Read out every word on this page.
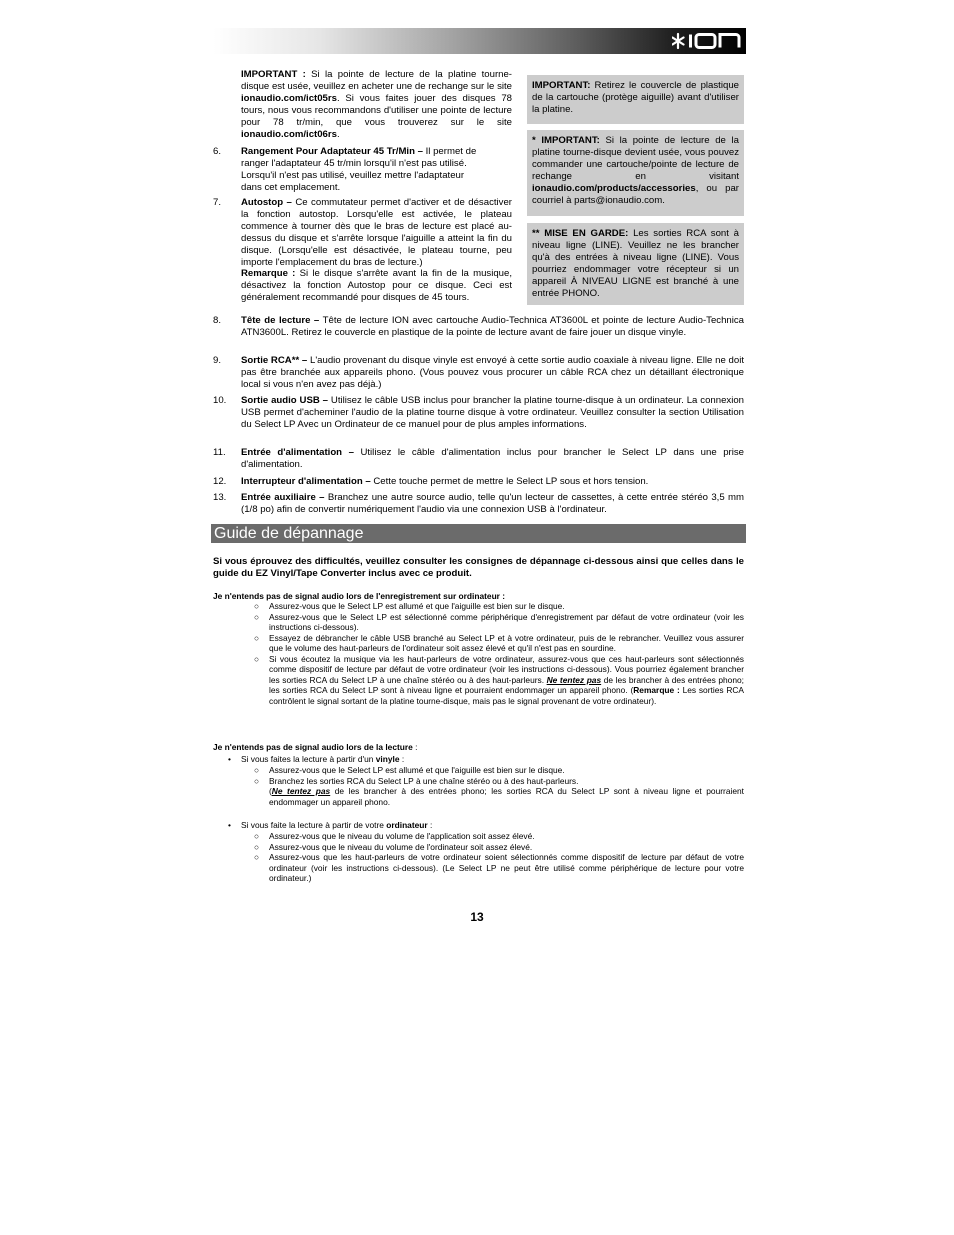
ION
IMPORTANT : Si la pointe de lecture de la platine tourne-disque est usée, veuillez en acheter une de rechange sur le site ionaudio.com/ict05rs. Si vous faites jouer des disques 78 tours, nous vous recommandons d'utiliser une pointe de lecture pour 78 tr/min, que vous trouverez sur le site ionaudio.com/ict06rs.
6.	Rangement Pour Adaptateur 45 Tr/Min – Il permet de ranger l'adaptateur 45 tr/min lorsqu'il n'est pas utilisé. Lorsqu'il n'est pas utilisé, veuillez mettre l'adaptateur dans cet emplacement.
7.	Autostop – Ce commutateur permet d'activer et de désactiver la fonction autostop. Lorsqu'elle est activée, le plateau commence à tourner dès que le bras de lecture est placé au-dessus du disque et s'arrête lorsque l'aiguille a atteint la fin du disque. (Lorsqu'elle est désactivée, le plateau tourne, peu importe l'emplacement du bras de lecture.)
Remarque : Si le disque s'arrête avant la fin de la musique, désactivez la fonction Autostop pour ce disque. Ceci est généralement recommandé pour disques de 45 tours.
IMPORTANT: Retirez le couvercle de plastique de la cartouche (protège aiguille) avant d'utiliser la platine.
* IMPORTANT: Si la pointe de lecture de la platine tourne-disque devient usée, vous pouvez commander une cartouche/pointe de lecture de rechange en visitant ionaudio.com/products/accessories, ou par courriel à parts@ionaudio.com.
** MISE EN GARDE: Les sorties RCA sont à niveau ligne (LINE). Veuillez ne les brancher qu'à des entrées à niveau ligne (LINE). Vous pourriez endommager votre récepteur si un appareil À NIVEAU LIGNE est branché à une entrée PHONO.
8.	Tête de lecture – Tête de lecture ION avec cartouche Audio-Technica AT3600L et pointe de lecture Audio-Technica ATN3600L. Retirez le couvercle en plastique de la pointe de lecture avant de faire jouer un disque vinyle.
9.	Sortie RCA** – L'audio provenant du disque vinyle est envoyé à cette sortie audio coaxiale à niveau ligne. Elle ne doit pas être branchée aux appareils phono. (Vous pouvez vous procurer un câble RCA chez un détaillant électronique local si vous n'en avez pas déjà.)
10.	Sortie audio USB – Utilisez le câble USB inclus pour brancher la platine tourne-disque à un ordinateur. La connexion USB permet d'acheminer l'audio de la platine tourne disque à votre ordinateur. Veuillez consulter la section Utilisation du Select LP Avec un Ordinateur de ce manuel pour de plus amples informations.
11.	Entrée d'alimentation – Utilisez le câble d'alimentation inclus pour brancher le Select LP dans une prise d'alimentation.
12.	Interrupteur d'alimentation – Cette touche permet de mettre le Select LP sous et hors tension.
13.	Entrée auxiliaire – Branchez une autre source audio, telle qu'un lecteur de cassettes, à cette entrée stéréo 3,5 mm (1/8 po) afin de convertir numériquement l'audio via une connexion USB à l'ordinateur.
Guide de dépannage
Si vous éprouvez des difficultés, veuillez consulter les consignes de dépannage ci-dessous ainsi que celles dans le guide du EZ Vinyl/Tape Converter inclus avec ce produit.
Je n'entends pas de signal audio lors de l'enregistrement sur ordinateur :
○ Assurez-vous que le Select LP est allumé et que l'aiguille est bien sur le disque.
○ Assurez-vous que le Select LP est sélectionné comme périphérique d'enregistrement par défaut de votre ordinateur (voir les instructions ci-dessous).
○ Essayez de débrancher le câble USB branché au Select LP et à votre ordinateur, puis de le rebrancher. Veuillez vous assurer que le volume des haut-parleurs de l'ordinateur soit assez élevé et qu'il n'est pas en sourdine.
○ Si vous écoutez la musique via les haut-parleurs de votre ordinateur, assurez-vous que ces haut-parleurs sont sélectionnés comme dispositif de lecture par défaut de votre ordinateur (voir les instructions ci-dessous). Vous pourriez également brancher les sorties RCA du Select LP à une chaîne stéréo ou à des haut-parleurs. Ne tentez pas de les brancher à des entrées phono; les sorties RCA du Select LP sont à niveau ligne et pourraient endommager un appareil phono. (Remarque : Les sorties RCA contrôlent le signal sortant de la platine tourne-disque, mais pas le signal provenant de votre ordinateur).
Je n'entends pas de signal audio lors de la lecture :
• Si vous faites la lecture à partir d'un vinyle :
○ Assurez-vous que le Select LP est allumé et que l'aiguille est bien sur le disque.
○ Branchez les sorties RCA du Select LP à une chaîne stéréo ou à des haut-parleurs.
(Ne tentez pas de les brancher à des entrées phono; les sorties RCA du Select LP sont à niveau ligne et pourraient endommager un appareil phono.
• Si vous faite la lecture à partir de votre ordinateur :
○ Assurez-vous que le niveau du volume de l'application soit assez élevé.
○ Assurez-vous que le niveau du volume de l'ordinateur soit assez élevé.
○ Assurez-vous que les haut-parleurs de votre ordinateur soient sélectionnés comme dispositif de lecture par défaut de votre ordinateur (voir les instructions ci-dessous). (Le Select LP ne peut être utilisé comme périphérique de lecture pour votre ordinateur.)
13
